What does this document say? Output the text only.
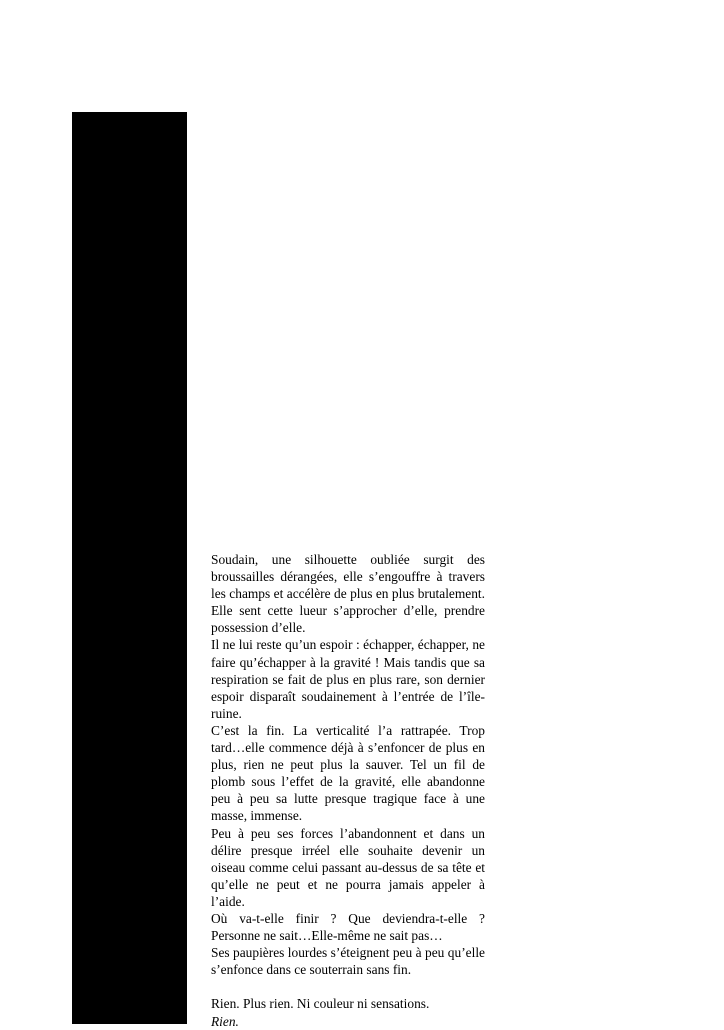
Soudain, une silhouette oubliée surgit des broussailles dérangées, elle s’engouffre à travers les champs et accélère de plus en plus brutalement. Elle sent cette lueur s’approcher d’elle, prendre possession d’elle.

Il ne lui reste qu’un espoir : échapper, échapper, ne faire qu’échapper à la gravité ! Mais tandis que sa respiration se fait de plus en plus rare, son dernier espoir disparaît soudainement à l’entrée de l’île-ruine.

C’est la fin. La verticalité l’a rattrapée. Trop tard…elle commence déjà à s’enfoncer de plus en plus, rien ne peut plus la sauver. Tel un fil de plomb sous l’effet de la gravité, elle abandonne peu à peu sa lutte presque tragique face à une masse, immense.

Peu à peu ses forces l’abandonnent et dans un délire presque irréel elle souhaite devenir un oiseau comme celui passant au-dessus de sa tête et qu’elle ne peut et ne pourra jamais appeler à l’aide.

Où va-t-elle finir ? Que deviendra-t-elle ? Personne ne sait…Elle-même ne sait pas…

Ses paupières lourdes s’éteignent peu à peu qu’elle s’enfonce dans ce souterrain sans fin.

Rien. Plus rien. Ni couleur ni sensations.

Rien.
